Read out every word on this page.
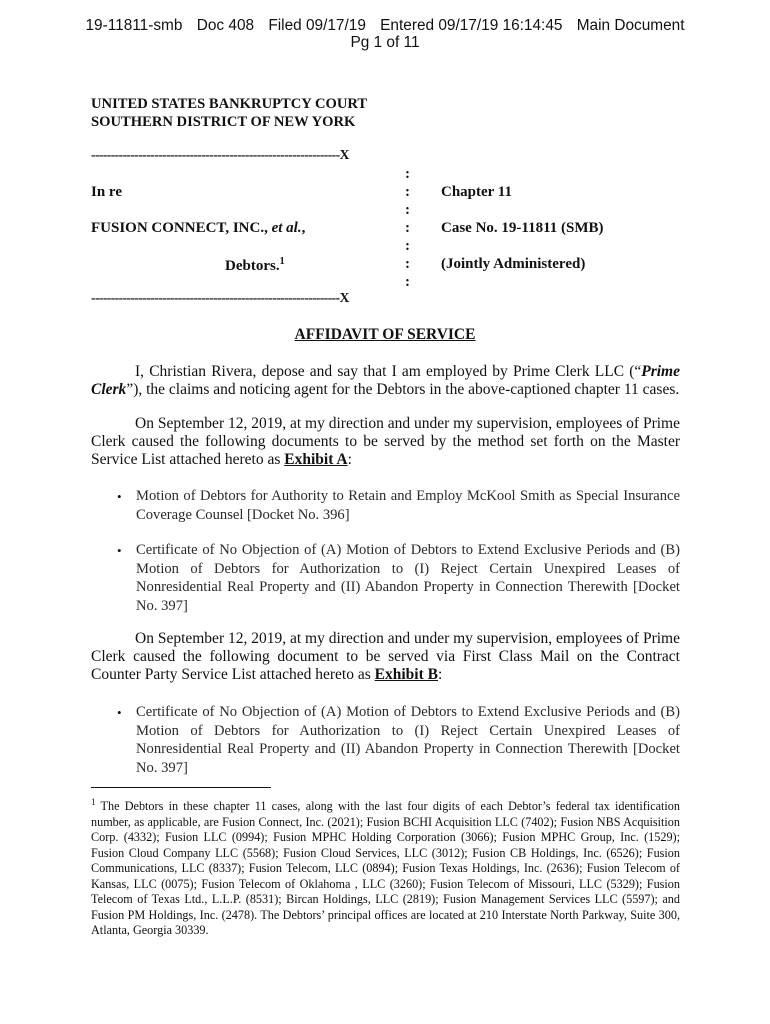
19-11811-smb Doc 408 Filed 09/17/19 Entered 09/17/19 16:14:45 Main Document
Pg 1 of 11
UNITED STATES BANKRUPTCY COURT
SOUTHERN DISTRICT OF NEW YORK
---------------------------------------------------------------X
:
:
:
:
:
:
:
---------------------------------------------------------------X
In re	Chapter 11
FUSION CONNECT, INC., et al.,	Case No. 19-11811 (SMB)
Debtors.$^1$	(Jointly Administered)
AFFIDAVIT OF SERVICE
I, Christian Rivera, depose and say that I am employed by Prime Clerk LLC (“Prime Clerk”), the claims and noticing agent for the Debtors in the above-captioned chapter 11 cases.
On September 12, 2019, at my direction and under my supervision, employees of Prime Clerk caused the following documents to be served by the method set forth on the Master Service List attached hereto as Exhibit A:
• Motion of Debtors for Authority to Retain and Employ McKool Smith as Special Insurance Coverage Counsel [Docket No. 396]
• Certificate of No Objection of (A) Motion of Debtors to Extend Exclusive Periods and (B) Motion of Debtors for Authorization to (I) Reject Certain Unexpired Leases of Nonresidential Real Property and (II) Abandon Property in Connection Therewith [Docket No. 397]
On September 12, 2019, at my direction and under my supervision, employees of Prime Clerk caused the following document to be served via First Class Mail on the Contract Counter Party Service List attached hereto as Exhibit B:
• Certificate of No Objection of (A) Motion of Debtors to Extend Exclusive Periods and (B) Motion of Debtors for Authorization to (I) Reject Certain Unexpired Leases of Nonresidential Real Property and (II) Abandon Property in Connection Therewith [Docket No. 397]
$^1$ The Debtors in these chapter 11 cases, along with the last four digits of each Debtor’s federal tax identification number, as applicable, are Fusion Connect, Inc. (2021); Fusion BCHI Acquisition LLC (7402); Fusion NBS Acquisition Corp. (4332); Fusion LLC (0994); Fusion MPHC Holding Corporation (3066); Fusion MPHC Group, Inc. (1529); Fusion Cloud Company LLC (5568); Fusion Cloud Services, LLC (3012); Fusion CB Holdings, Inc. (6526); Fusion Communications, LLC (8337); Fusion Telecom, LLC (0894); Fusion Texas Holdings, Inc. (2636); Fusion Telecom of Kansas, LLC (0075); Fusion Telecom of Oklahoma , LLC (3260); Fusion Telecom of Missouri, LLC (5329); Fusion Telecom of Texas Ltd., L.L.P. (8531); Bircan Holdings, LLC (2819); Fusion Management Services LLC (5597); and Fusion PM Holdings, Inc. (2478). The Debtors’ principal offices are located at 210 Interstate North Parkway, Suite 300, Atlanta, Georgia 30339.
